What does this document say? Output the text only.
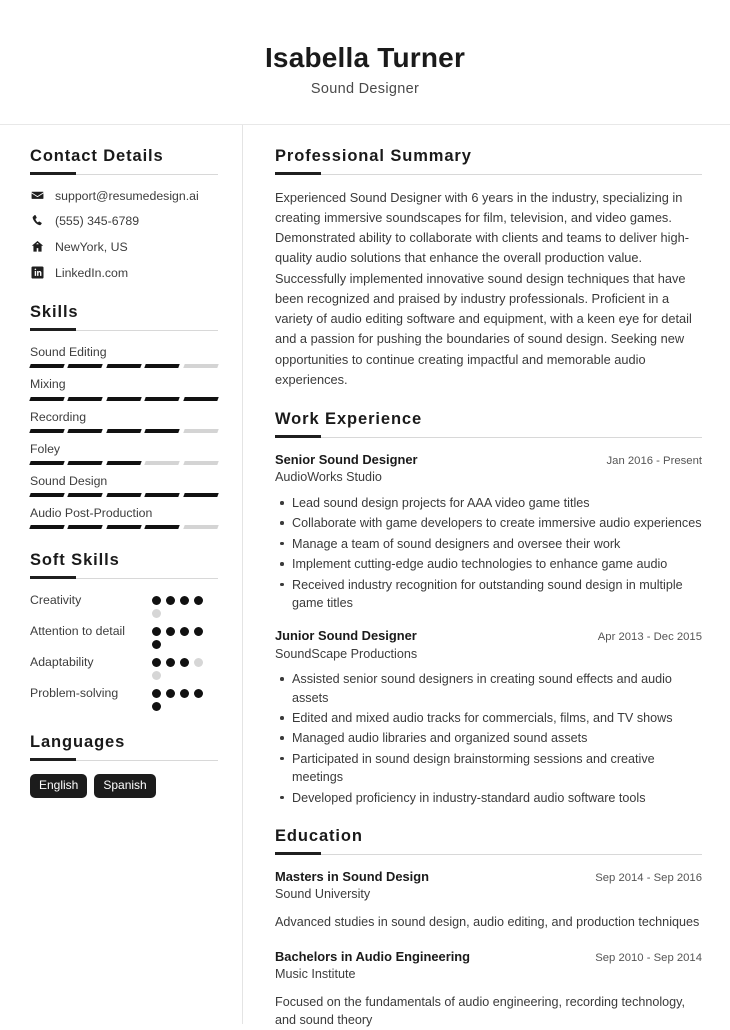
Isabella Turner
Sound Designer
Contact Details
support@resumedesign.ai
(555) 345-6789
NewYork, US
LinkedIn.com
Skills
Sound Editing
Mixing
Recording
Foley
Sound Design
Audio Post-Production
Soft Skills
Creativity
Attention to detail
Adaptability
Problem-solving
Languages
English	Spanish
Professional Summary

Experienced Sound Designer with 6 years in the industry, specializing in creating immersive soundscapes for film, television, and video games. Demonstrated ability to collaborate with clients and teams to deliver high-quality audio solutions that enhance the overall production value. Successfully implemented innovative sound design techniques that have been recognized and praised by industry professionals. Proficient in a variety of audio editing software and equipment, with a keen eye for detail and a passion for pushing the boundaries of sound design. Seeking new opportunities to continue creating impactful and memorable audio experiences.

Work Experience
Senior Sound Designer	Jan 2016 - Present
AudioWorks Studio
Lead sound design projects for AAA video game titles
Collaborate with game developers to create immersive audio experiences
Manage a team of sound designers and oversee their work
Implement cutting-edge audio technologies to enhance game audio
Received industry recognition for outstanding sound design in multiple game titles
Junior Sound Designer	Apr 2013 - Dec 2015
SoundScape Productions
Assisted senior sound designers in creating sound effects and audio assets
Edited and mixed audio tracks for commercials, films, and TV shows
Managed audio libraries and organized sound assets
Participated in sound design brainstorming sessions and creative meetings
Developed proficiency in industry-standard audio software tools
Education
Masters in Sound Design	Sep 2014 - Sep 2016
Sound University
Advanced studies in sound design, audio editing, and production techniques
Bachelors in Audio Engineering	Sep 2010 - Sep 2014
Music Institute
Focused on the fundamentals of audio engineering, recording technology, and sound theory
